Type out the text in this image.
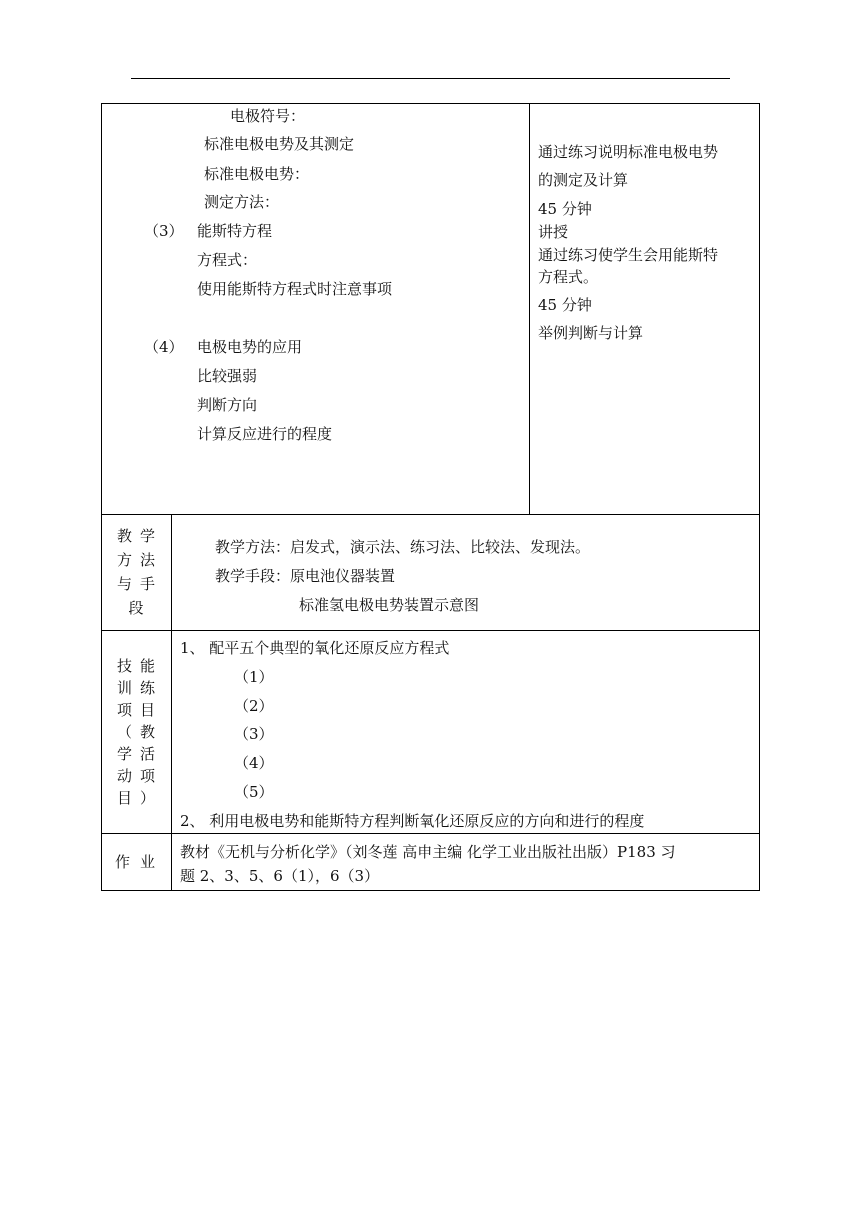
电极符号：
标准电极电势及其测定
标准电极电势：
测定方法：
（3） 能斯特方程
方程式：
使用能斯特方程式时注意事项
（4） 电极电势的应用
比较强弱
判断方向
计算反应进行的程度
通过练习说明标准电极电势
的测定及计算
45 分钟
讲授
通过练习使学生会用能斯特
方程式。
45 分钟
举例判断与计算
教学方法与手段
教学方法：启发式，演示法、练习法、比较法、发现法。
教学手段：原电池仪器装置
标准氢电极电势装置示意图
技能训练项目（教学活动项目）
1、 配平五个典型的氧化还原反应方程式
（1）
（2）
（3）
（4）
（5）
2、 利用电极电势和能斯特方程判断氧化还原反应的方向和进行的程度
作业
教材《无机与分析化学》（刘冬莲 高申主编 化学工业出版社出版）P183 习
题 2、3、5、6（1），6（3）
